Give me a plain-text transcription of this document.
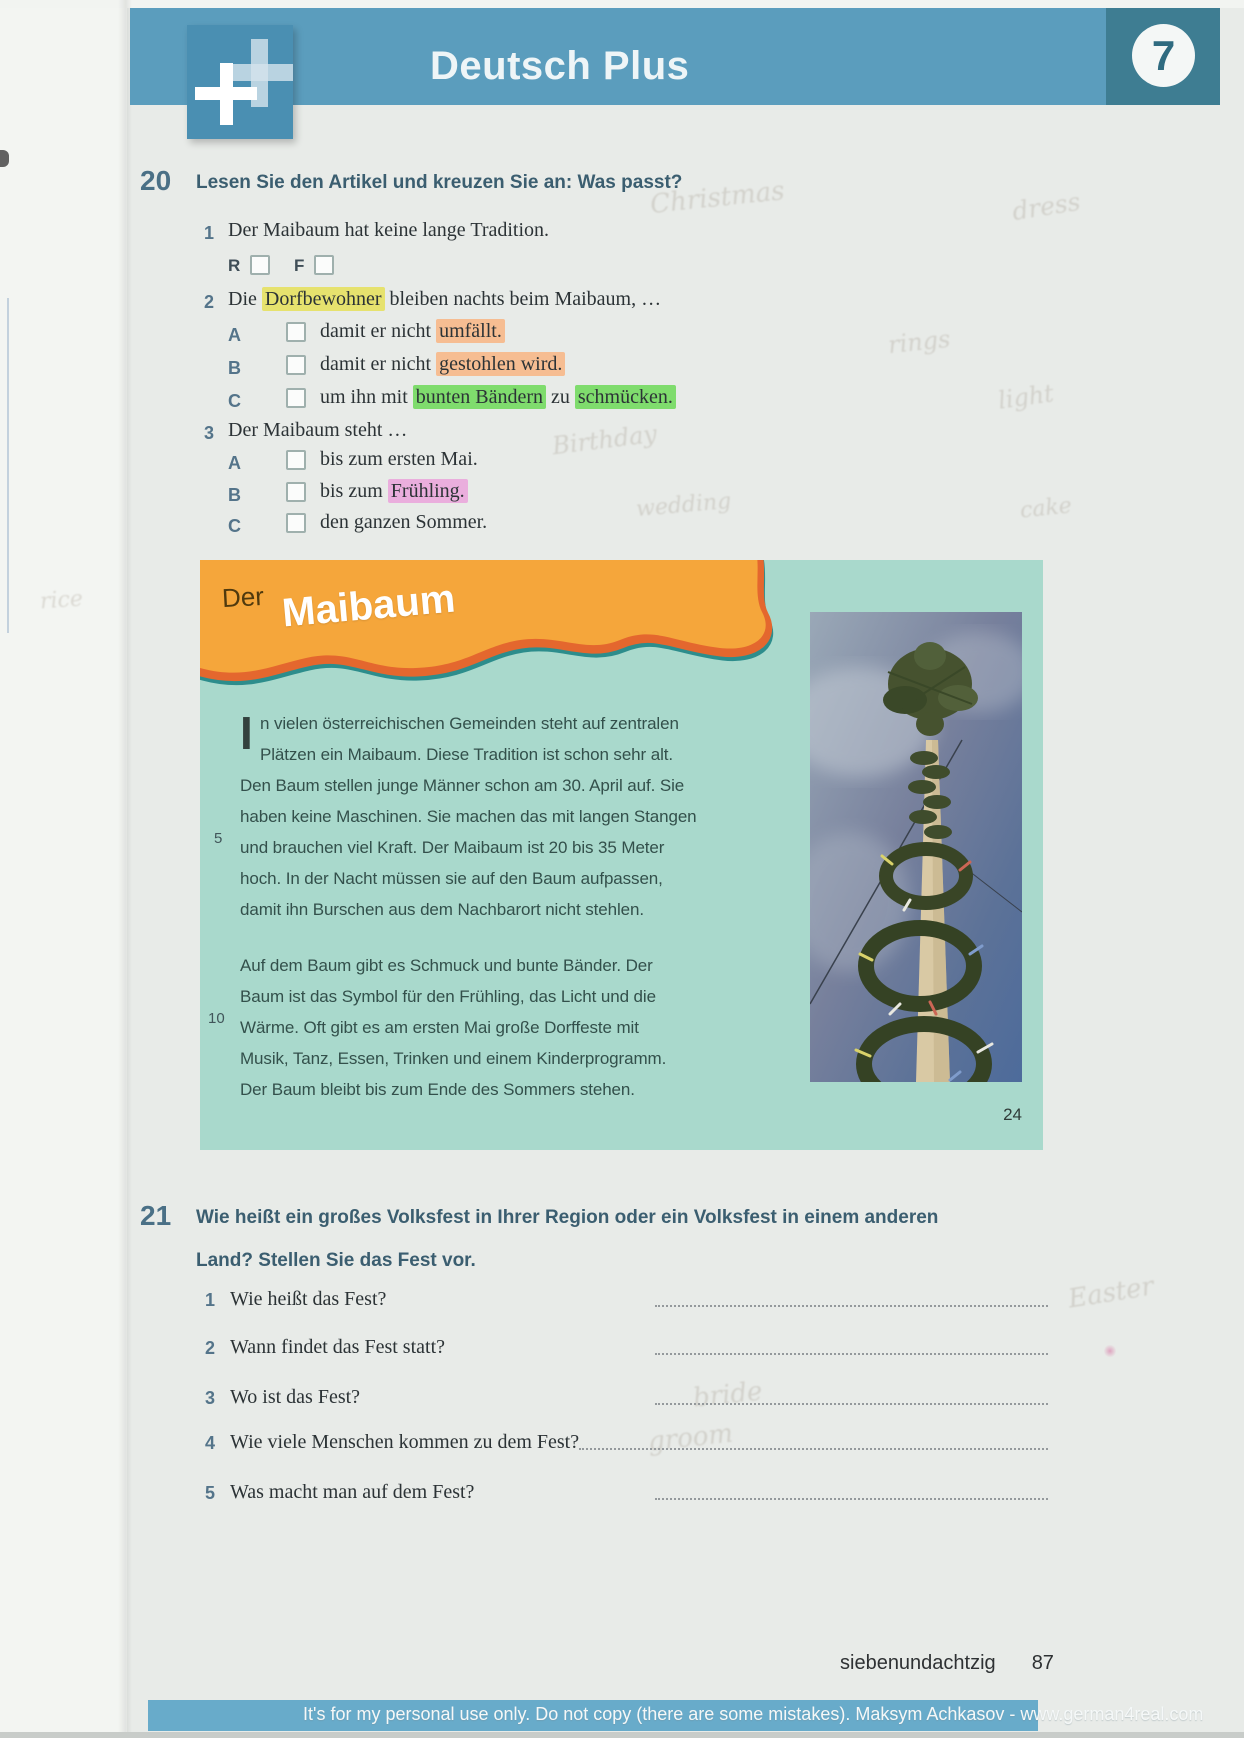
Christmas	dress
rings
light
Birthday
wedding	cake
rice
Easter
bride
groom
Deutsch Plus	7
20 Lesen Sie den Artikel und kreuzen Sie an: Was passt?
1 Der Maibaum hat keine lange Tradition.
R	F
2 Die Dorfbewohner bleiben nachts beim Maibaum, …
A	damit er nicht umfällt.
B	damit er nicht gestohlen wird.
C	um ihn mit bunten Bändern zu schmücken.
3 Der Maibaum steht …
A	bis zum ersten Mai.
B	bis zum Frühling.
C	den ganzen Sommer.
Der Maibaum
5
10
I n vielen österreichischen Gemeinden steht auf zentralen
Plätzen ein Maibaum. Diese Tradition ist schon sehr alt.
Den Baum stellen junge Männer schon am 30. April auf. Sie
haben keine Maschinen. Sie machen das mit langen Stangen
und brauchen viel Kraft. Der Maibaum ist 20 bis 35 Meter
hoch. In der Nacht müssen sie auf den Baum aufpassen,
damit ihn Burschen aus dem Nachbarort nicht stehlen.
Auf dem Baum gibt es Schmuck und bunte Bänder. Der
Baum ist das Symbol für den Frühling, das Licht und die
Wärme. Oft gibt es am ersten Mai große Dorffeste mit
Musik, Tanz, Essen, Trinken und einem Kinderprogramm.
Der Baum bleibt bis zum Ende des Sommers stehen.
24
21 Wie heißt ein großes Volksfest in Ihrer Region oder ein Volksfest in einem anderen
Land? Stellen Sie das Fest vor.
1 Wie heißt das Fest?
2 Wann findet das Fest statt?
3 Wo ist das Fest?
4 Wie viele Menschen kommen zu dem Fest?
5 Was macht man auf dem Fest?
siebenundachtzig 87
It's for my personal use only. Do not copy (there are some mistakes). Maksym Achkasov - www.german4real.com
